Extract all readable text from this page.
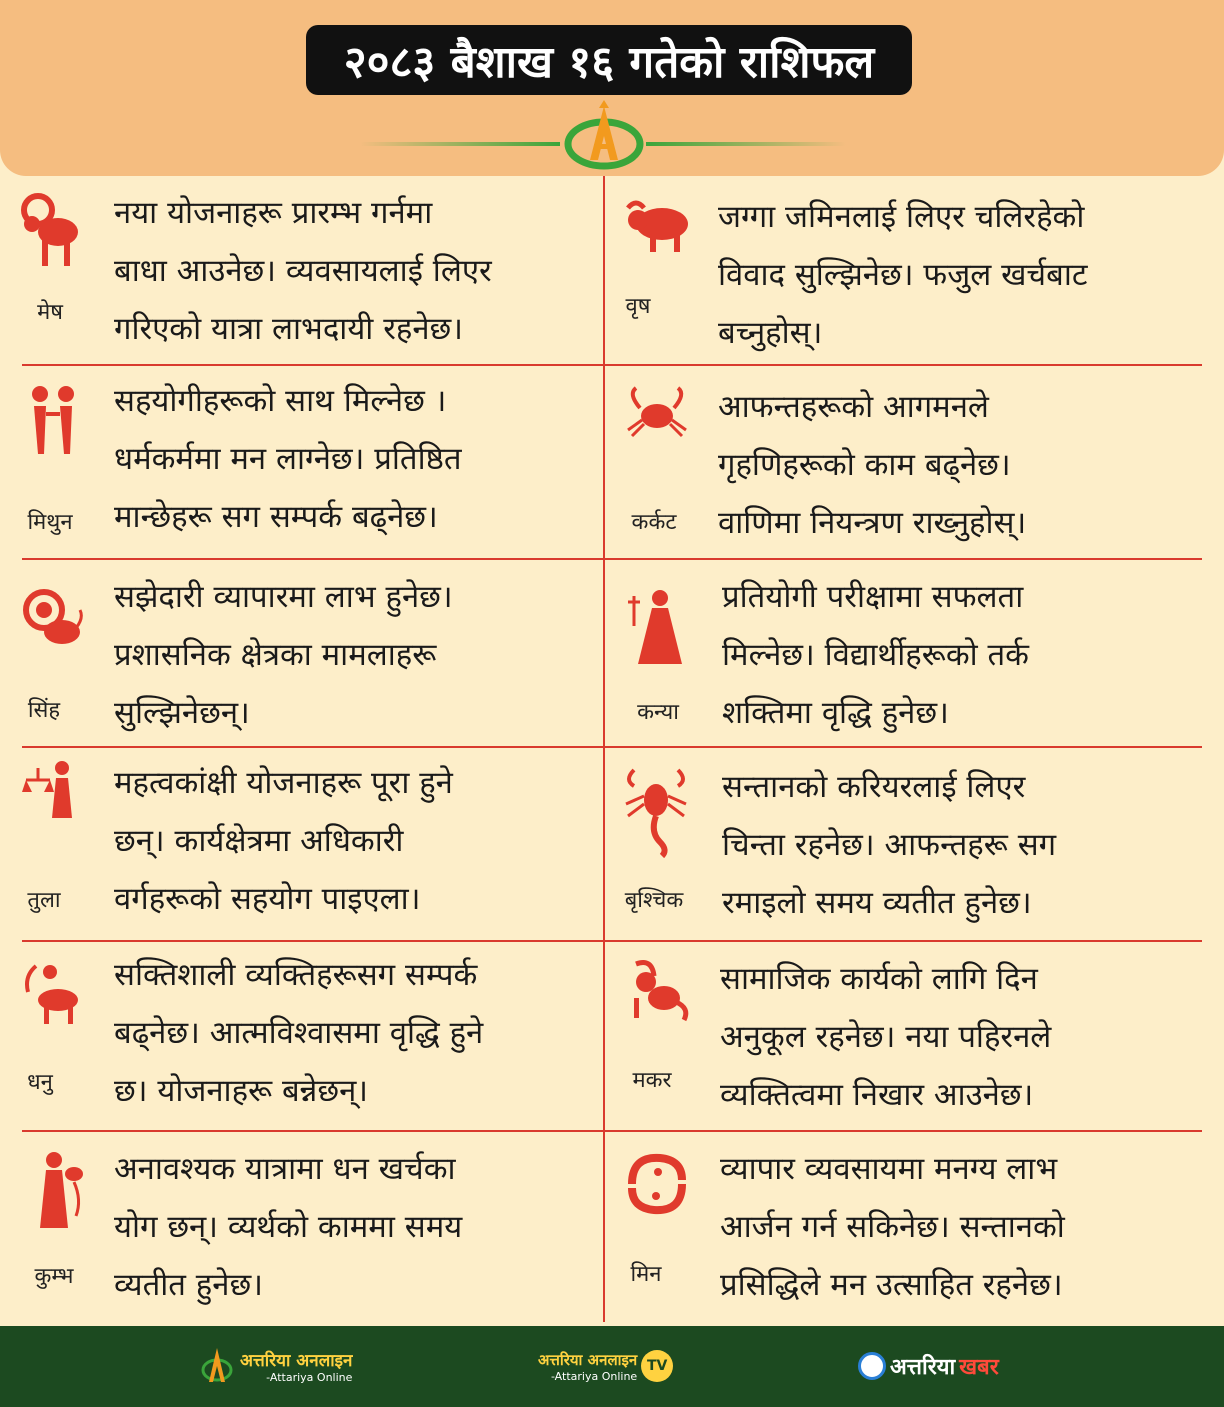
२०८३ बैशाख १६ गतेको राशिफल
मेष
नया योजनाहरू प्रारम्भ गर्नमा
बाधा आउनेछ। व्यवसायलाई लिएर
गरिएको यात्रा लाभदायी रहनेछ।
वृष
जग्गा जमिनलाई लिएर चलिरहेको
विवाद सुल्झिनेछ। फजुल खर्चबाट
बच्नुहोस्।
मिथुन
सहयोगीहरूको साथ मिल्नेछ ।
धर्मकर्ममा मन लाग्नेछ। प्रतिष्ठित
मान्छेहरू सग सम्पर्क बढ्नेछ।	कर्कट
आफन्तहरूको आगमनले
गृहणिहरूको काम बढ्नेछ।
वाणिमा नियन्त्रण राख्नुहोस्।
सिंह
सझेदारी व्यापारमा लाभ हुनेछ।
प्रशासनिक क्षेत्रका मामलाहरू
सुल्झिनेछन्।	कन्या
प्रतियोगी परीक्षामा सफलता
मिल्नेछ। विद्यार्थीहरूको तर्क
शक्तिमा वृद्धि हुनेछ।
तुला
महत्वकांक्षी योजनाहरू पूरा हुने
छन्। कार्यक्षेत्रमा अधिकारी
वर्गहरूको सहयोग पाइएला।	बृश्चिक
सन्तानको करियरलाई लिएर
चिन्ता रहनेछ। आफन्तहरू सग
रमाइलो समय व्यतीत हुनेछ।
धनु
सक्तिशाली व्यक्तिहरूसग सम्पर्क
बढ्नेछ। आत्मविश्वासमा वृद्धि हुने
छ। योजनाहरू बन्नेछन्।	मकर
सामाजिक कार्यको लागि दिन
अनुकूल रहनेछ। नया पहिरनले
व्यक्तित्वमा निखार आउनेछ।
कुम्भ
अनावश्यक यात्रामा धन खर्चका
योग छन्। व्यर्थको काममा समय
व्यतीत हुनेछ।	मिन
व्यापार व्यवसायमा मनग्य लाभ
आर्जन गर्न सकिनेछ। सन्तानको
प्रसिद्धिले मन उत्साहित रहनेछ।
अत्तरिया अनलाइन
-Attariya Online
अत्तरिया अनलाइन
-Attariya Online
TV	अत्तरिया खबर
